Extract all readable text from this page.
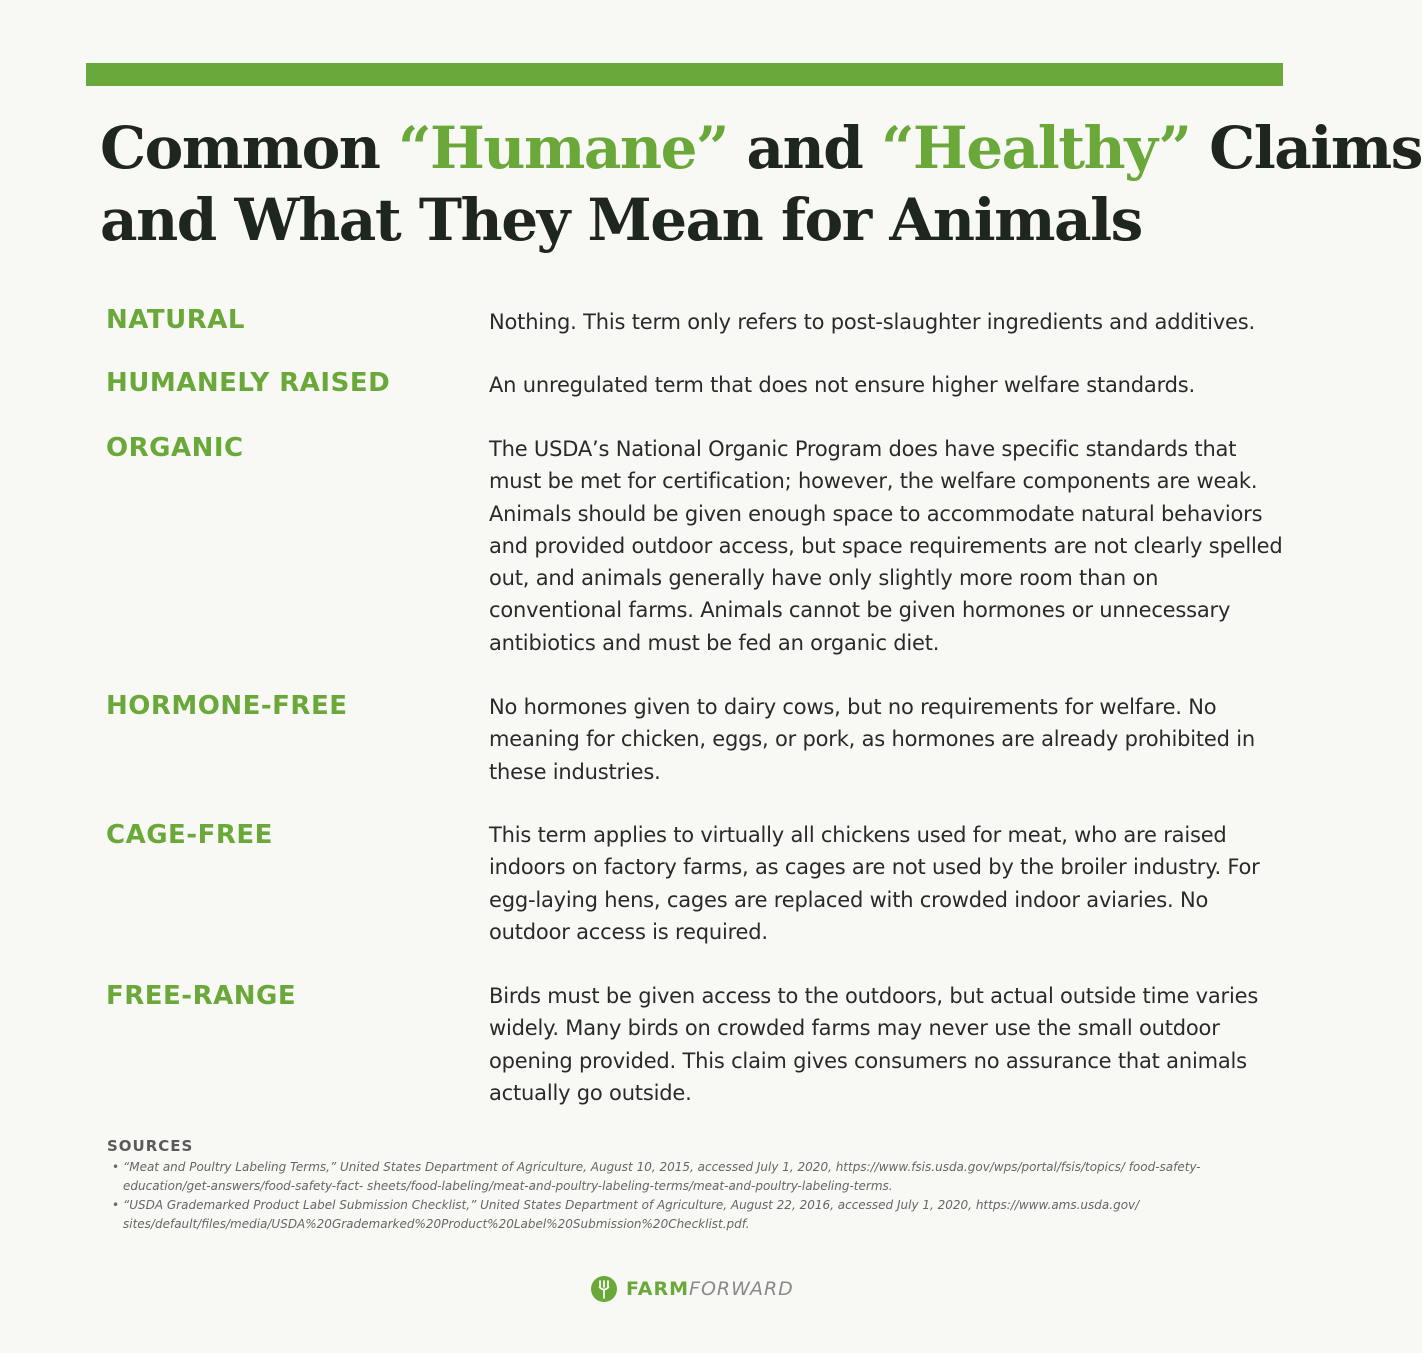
Common “Humane” and “Healthy” Claims
and What They Mean for Animals
NATURAL	Nothing. This term only refers to post-slaughter ingredients and additives.
HUMANELY RAISED	An unregulated term that does not ensure higher welfare standards.
ORGANIC	The USDA’s National Organic Program does have specific standards that must be met for certification; however, the welfare components are weak. Animals should be given enough space to accommodate natural behaviors and provided outdoor access, but space requirements are not clearly spelled out, and animals generally have only slightly more room than on conventional farms. Animals cannot be given hormones or unnecessary antibiotics and must be fed an organic diet.
HORMONE-FREE	No hormones given to dairy cows, but no requirements for welfare. No meaning for chicken, eggs, or pork, as hormones are already prohibited in these industries.
CAGE-FREE	This term applies to virtually all chickens used for meat, who are raised indoors on factory farms, as cages are not used by the broiler industry. For egg-laying hens, cages are replaced with crowded indoor aviaries. No outdoor access is required.
FREE-RANGE	Birds must be given access to the outdoors, but actual outside time varies widely. Many birds on crowded farms may never use the small outdoor opening provided. This claim gives consumers no assurance that animals actually go outside.
SOURCES
• “Meat and Poultry Labeling Terms,” United States Department of Agriculture, August 10, 2015, accessed July 1, 2020, https://www.fsis.usda.gov/wps/portal/fsis/topics/ food-safety-education/get-answers/food-safety-fact- sheets/food-labeling/meat-and-poultry-labeling-terms/meat-and-poultry-labeling-terms.
• “USDA Grademarked Product Label Submission Checklist,” United States Department of Agriculture, August 22, 2016, accessed July 1, 2020, https://www.ams.usda.gov/ sites/default/files/media/USDA%20Grademarked%20Product%20Label%20Submission%20Checklist.pdf.
FARMFORWARD
